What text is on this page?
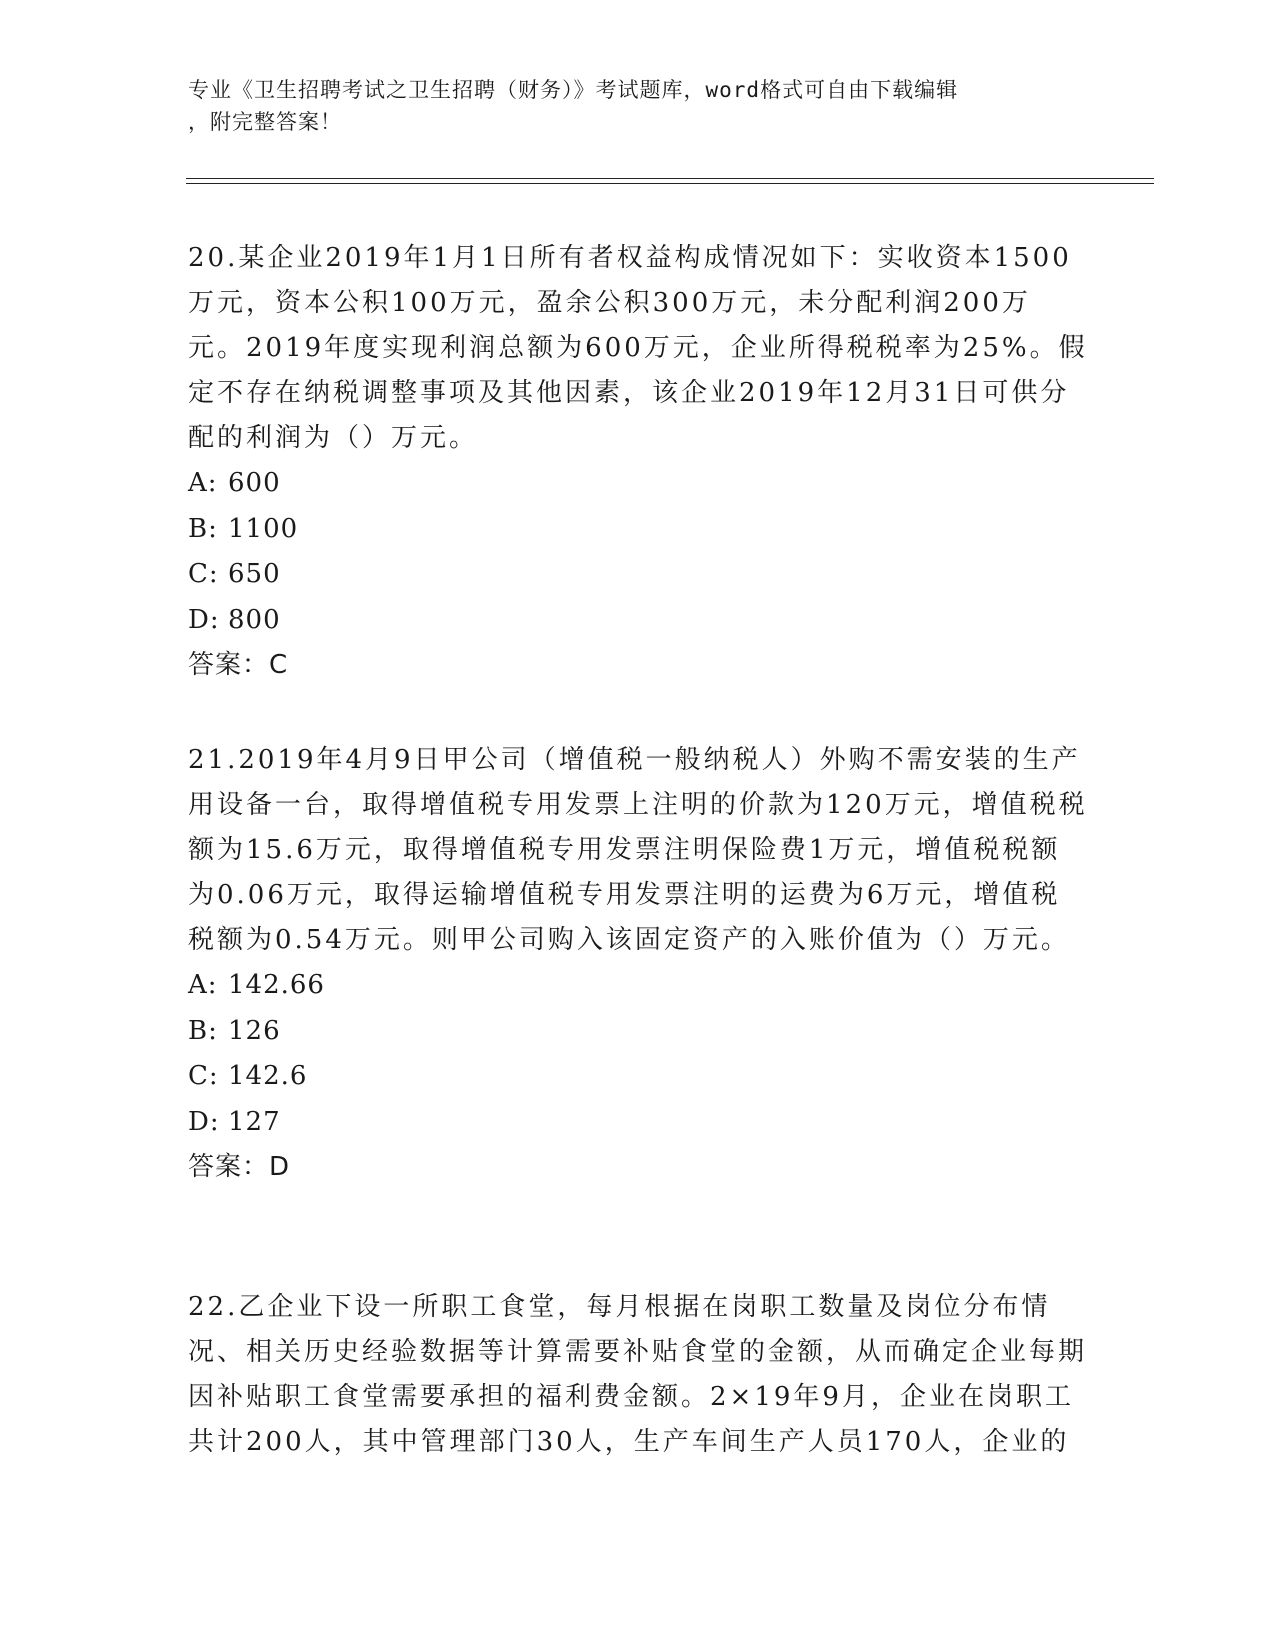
专业《卫生招聘考试之卫生招聘（财务）》考试题库，word格式可自由下载编辑
，附完整答案！

20.某企业2019年1月1日所有者权益构成情况如下：实收资本1500万元，资本公积100万元，盈余公积300万元，未分配利润200万元。2019年度实现利润总额为600万元，企业所得税税率为25%。假定不存在纳税调整事项及其他因素，该企业2019年12月31日可供分配的利润为（）万元。

A: 600
B: 1100
C: 650
D: 800
答案：C

21.2019年4月9日甲公司（增值税一般纳税人）外购不需安装的生产用设备一台，取得增值税专用发票上注明的价款为120万元，增值税税额为15.6万元，取得增值税专用发票注明保险费1万元，增值税税额为0.06万元，取得运输增值税专用发票注明的运费为6万元，增值税税额为0.54万元。则甲公司购入该固定资产的入账价值为（）万元。

A: 142.66
B: 126
C: 142.6
D: 127
答案：D

22.乙企业下设一所职工食堂，每月根据在岗职工数量及岗位分布情况、相关历史经验数据等计算需要补贴食堂的金额，从而确定企业每期因补贴职工食堂需要承担的福利费金额。2×19年9月，企业在岗职工共计200人，其中管理部门30人，生产车间生产人员170人，企业的
